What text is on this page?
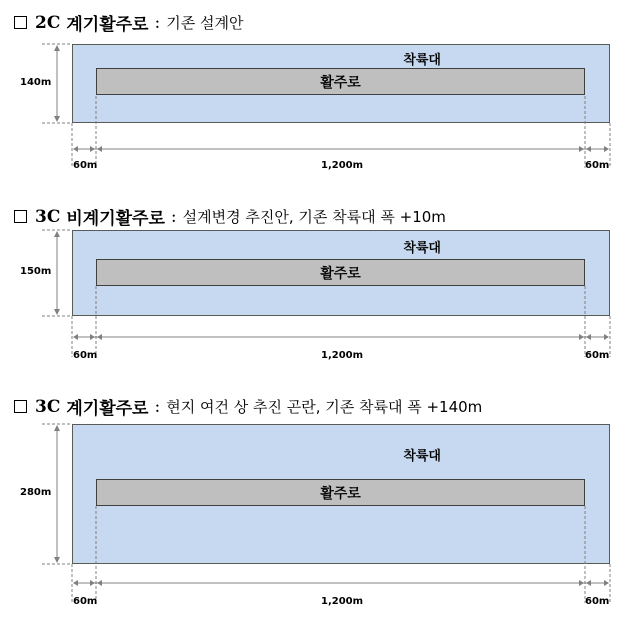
2C 계기활주로 : 기존 설계안
착륙대
활주로
140m
60m	1,200m	60m
3C 비계기활주로 : 설계변경 추진안, 기존 착륙대 폭 +10m
착륙대
활주로
150m
60m	1,200m	60m
3C 계기활주로 : 현지 여건 상 추진 곤란, 기존 착륙대 폭 +140m
착륙대
활주로
280m
60m	1,200m	60m
